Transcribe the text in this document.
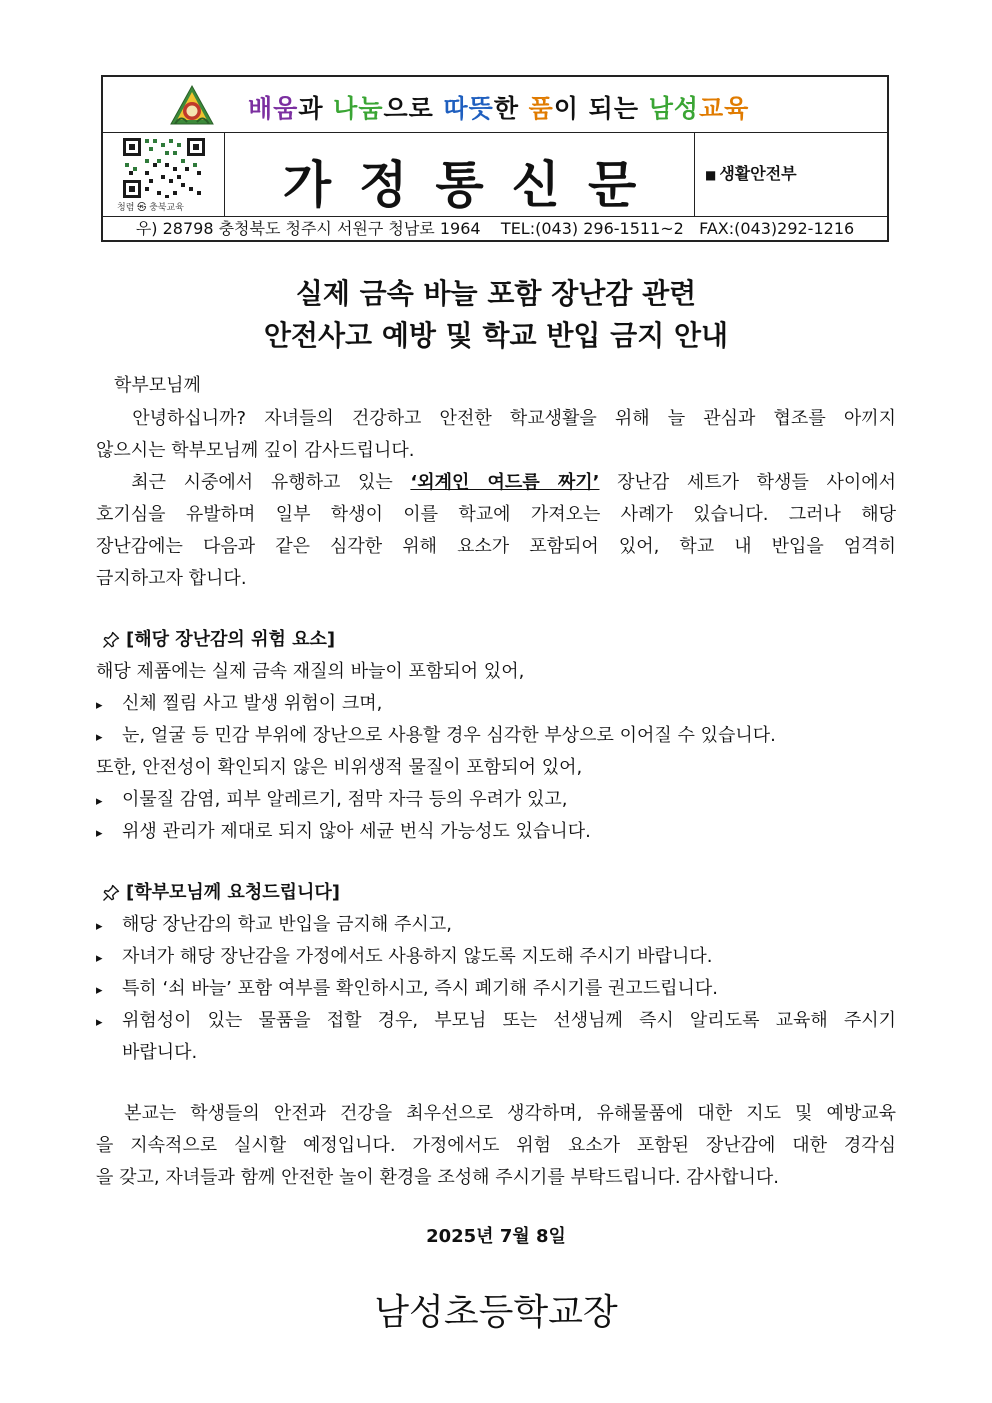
배움과 나눔으로 따뜻한 품이 되는 남성교육
청렴 ㉿ 충북교육	가정통신문	■ 생활안전부
우) 28798 충청북도 청주시 서원구 청남로 1964    TEL:(043) 296-1511~2   FAX:(043)292-1216
실제 금속 바늘 포함 장난감 관련
안전사고 예방 및 학교 반입 금지 안내
학부모님께
안녕하십니까? 자녀들의 건강하고 안전한 학교생활을 위해 늘 관심과 협조를 아끼지
않으시는 학부모님께 깊이 감사드립니다.
최근 시중에서 유행하고 있는 ‘외계인 여드름 짜기’ 장난감 세트가 학생들 사이에서
호기심을 유발하며 일부 학생이 이를 학교에 가져오는 사례가 있습니다. 그러나 해당
장난감에는 다음과 같은 심각한 위해 요소가 포함되어 있어, 학교 내 반입을 엄격히
금지하고자 합니다.
[해당 장난감의 위험 요소]
해당 제품에는 실제 금속 재질의 바늘이 포함되어 있어,
▸ 신체 찔림 사고 발생 위험이 크며,
▸ 눈, 얼굴 등 민감 부위에 장난으로 사용할 경우 심각한 부상으로 이어질 수 있습니다.
또한, 안전성이 확인되지 않은 비위생적 물질이 포함되어 있어,
▸ 이물질 감염, 피부 알레르기, 점막 자극 등의 우려가 있고,
▸ 위생 관리가 제대로 되지 않아 세균 번식 가능성도 있습니다.
[학부모님께 요청드립니다]
▸ 해당 장난감의 학교 반입을 금지해 주시고,
▸ 자녀가 해당 장난감을 가정에서도 사용하지 않도록 지도해 주시기 바랍니다.
▸ 특히 ‘쇠 바늘’ 포함 여부를 확인하시고, 즉시 폐기해 주시기를 권고드립니다.
▸ 위험성이 있는 물품을 접할 경우, 부모님 또는 선생님께 즉시 알리도록 교육해 주시기
바랍니다.
본교는 학생들의 안전과 건강을 최우선으로 생각하며, 유해물품에 대한 지도 및 예방교육
을 지속적으로 실시할 예정입니다. 가정에서도 위험 요소가 포함된 장난감에 대한 경각심
을 갖고, 자녀들과 함께 안전한 놀이 환경을 조성해 주시기를 부탁드립니다. 감사합니다.
2025년 7월 8일
남성초등학교장
